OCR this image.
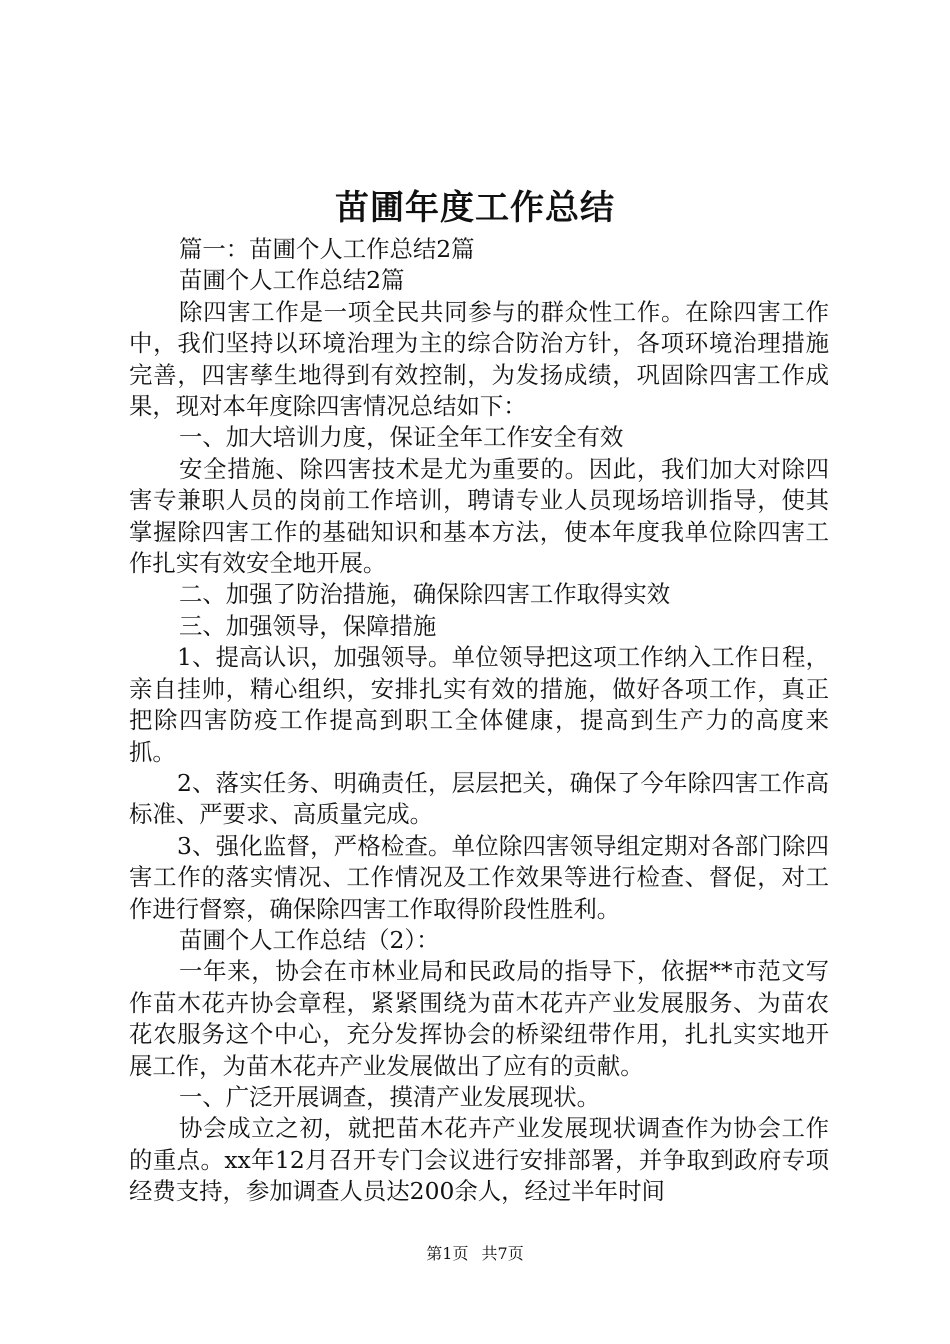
苗圃年度工作总结

篇一：苗圃个人工作总结2篇

苗圃个人工作总结2篇

除四害工作是一项全民共同参与的群众性工作。在除四害工作中，我们坚持以环境治理为主的综合防治方针，各项环境治理措施完善，四害孳生地得到有效控制，为发扬成绩，巩固除四害工作成果，现对本年度除四害情况总结如下：

一、加大培训力度，保证全年工作安全有效

安全措施、除四害技术是尤为重要的。因此，我们加大对除四害专兼职人员的岗前工作培训，聘请专业人员现场培训指导，使其掌握除四害工作的基础知识和基本方法，使本年度我单位除四害工作扎实有效安全地开展。

二、加强了防治措施，确保除四害工作取得实效

三、加强领导，保障措施

1、提高认识，加强领导。单位领导把这项工作纳入工作日程，亲自挂帅，精心组织，安排扎实有效的措施，做好各项工作，真正把除四害防疫工作提高到职工全体健康，提高到生产力的高度来抓。

2、落实任务、明确责任，层层把关，确保了今年除四害工作高标准、严要求、高质量完成。

3、强化监督，严格检查。单位除四害领导组定期对各部门除四害工作的落实情况、工作情况及工作效果等进行检查、督促，对工作进行督察，确保除四害工作取得阶段性胜利。

苗圃个人工作总结（2）：

一年来，协会在市林业局和民政局的指导下，依据**市范文写作苗木花卉协会章程，紧紧围绕为苗木花卉产业发展服务、为苗农花农服务这个中心，充分发挥协会的桥梁纽带作用，扎扎实实地开展工作，为苗木花卉产业发展做出了应有的贡献。

一、广泛开展调查，摸清产业发展现状。

协会成立之初，就把苗木花卉产业发展现状调查作为协会工作的重点。xx年12月召开专门会议进行安排部署，并争取到政府专项经费支持，参加调查人员达200余人，经过半年时间

第1页 共7页
